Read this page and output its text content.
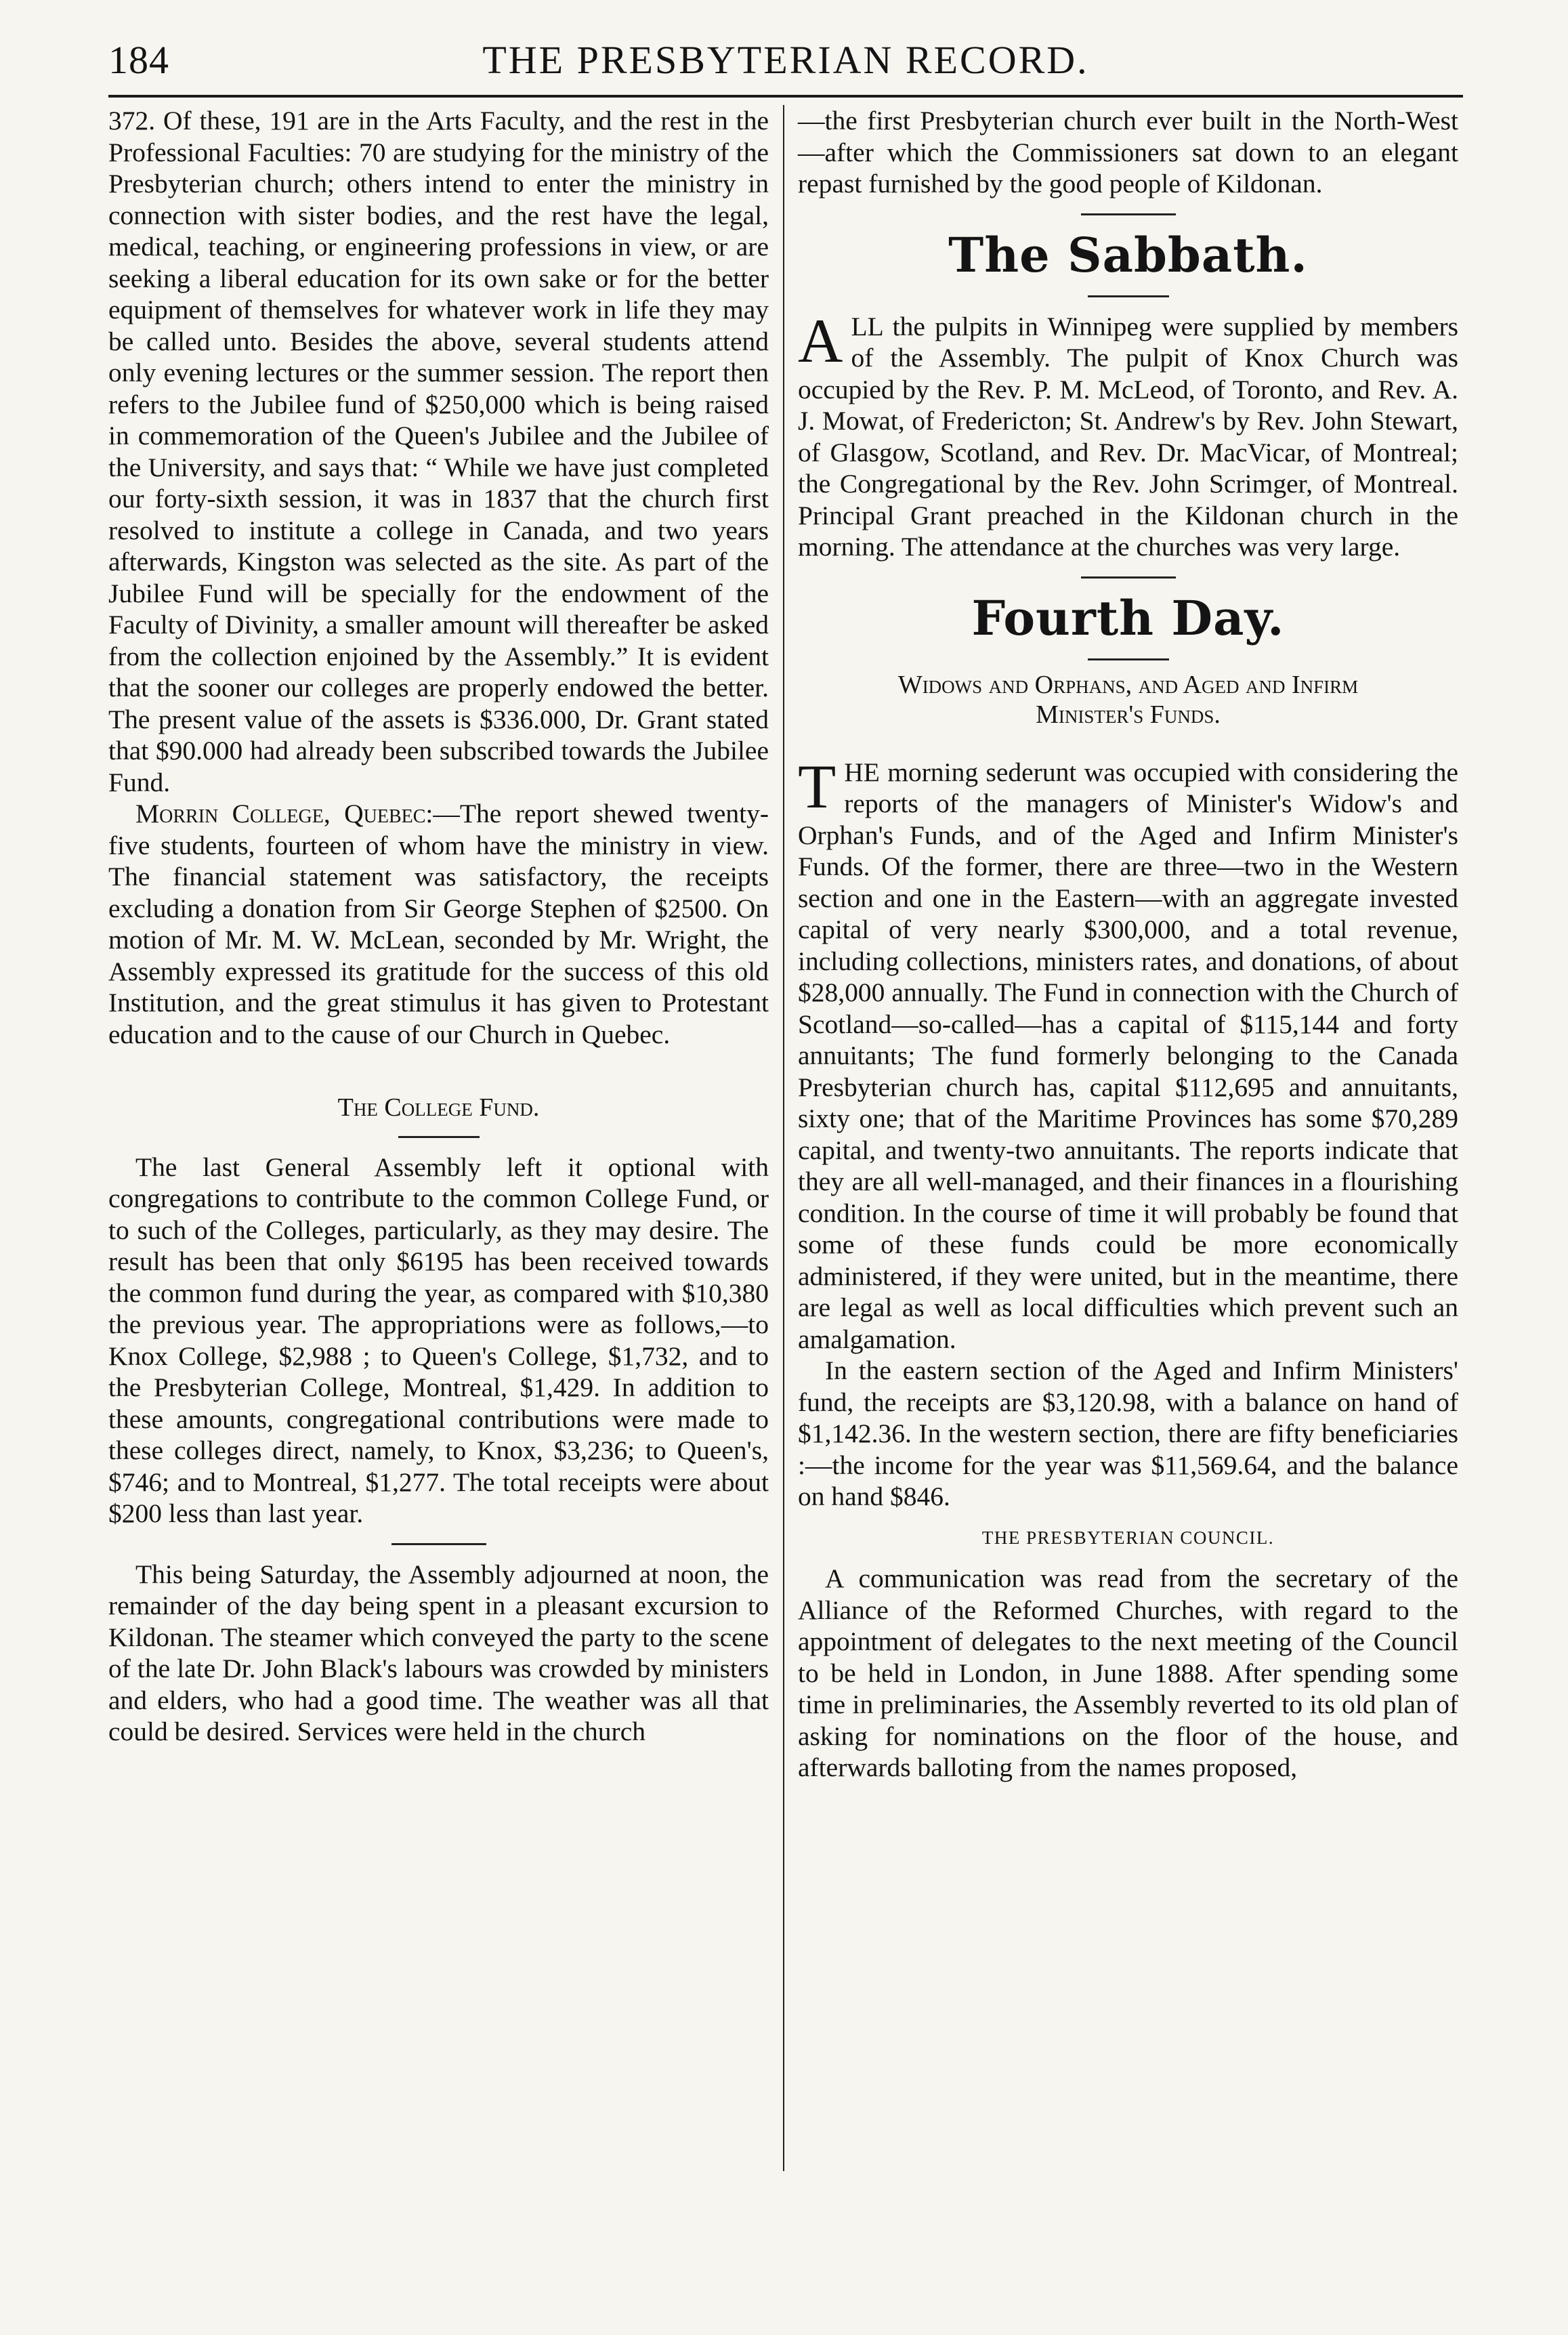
THE PRESBYTERIAN RECORD.
184

372. Of these, 191 are in the Arts Faculty, and the rest in the Professional Faculties: 70 are studying for the ministry of the Presbyterian church; others intend to enter the ministry in connection with sister bodies, and the rest have the legal, medical, teaching, or engineering professions in view, or are seeking a liberal education for its own sake or for the better equipment of themselves for whatever work in life they may be called unto. Besides the above, several students attend only evening lectures or the summer session. The report then refers to the Jubilee fund of $250,000 which is being raised in commemoration of the Queen's Jubilee and the Jubilee of the University, and says that: “ While we have just completed our forty-sixth session, it was in 1837 that the church first resolved to institute a college in Canada, and two years afterwards, Kingston was selected as the site. As part of the Jubilee Fund will be specially for the endowment of the Faculty of Divinity, a smaller amount will thereafter be asked from the collection enjoined by the Assembly.” It is evident that the sooner our colleges are properly endowed the better. The present value of the assets is $336.000, Dr. Grant stated that $90.000 had already been subscribed towards the Jubilee Fund.

Morrin College, Quebec:—The report shewed twenty-five students, fourteen of whom have the ministry in view. The financial statement was satisfactory, the receipts excluding a donation from Sir George Stephen of $2500. On motion of Mr. M. W. McLean, seconded by Mr. Wright, the Assembly expressed its gratitude for the success of this old Institution, and the great stimulus it has given to Protestant education and to the cause of our Church in Quebec.

The College Fund.

The last General Assembly left it optional with congregations to contribute to the common College Fund, or to such of the Colleges, particularly, as they may desire. The result has been that only $6195 has been received towards the common fund during the year, as compared with $10,380 the previous year. The appropriations were as follows,—to Knox College, $2,988 ; to Queen's College, $1,732, and to the Presbyterian College, Montreal, $1,429. In addition to these amounts, congregational contributions were made to these colleges direct, namely, to Knox, $3,236; to Queen's, $746; and to Montreal, $1,277. The total receipts were about $200 less than last year.

This being Saturday, the Assembly adjourned at noon, the remainder of the day being spent in a pleasant excursion to Kildonan. The steamer which conveyed the party to the scene of the late Dr. John Black's labours was crowded by ministers and elders, who had a good time. The weather was all that could be desired. Services were held in the church

—the first Presbyterian church ever built in the North-West—after which the Commissioners sat down to an elegant repast furnished by the good people of Kildonan.

The Sabbath.

ALL the pulpits in Winnipeg were supplied by members of the Assembly. The pulpit of Knox Church was occupied by the Rev. P. M. McLeod, of Toronto, and Rev. A. J. Mowat, of Fredericton; St. Andrew's by Rev. John Stewart, of Glasgow, Scotland, and Rev. Dr. MacVicar, of Montreal; the Congregational by the Rev. John Scrimger, of Montreal. Principal Grant preached in the Kildonan church in the morning. The attendance at the churches was very large.

Fourth Day.
Widows and Orphans, and Aged and Infirm
Minister's Funds.

THE morning sederunt was occupied with considering the reports of the managers of Minister's Widow's and Orphan's Funds, and of the Aged and Infirm Minister's Funds. Of the former, there are three—two in the Western section and one in the Eastern—with an aggregate invested capital of very nearly $300,000, and a total revenue, including collections, ministers rates, and donations, of about $28,000 annually. The Fund in connection with the Church of Scotland—so-called—has a capital of $115,144 and forty annuitants; The fund formerly belonging to the Canada Presbyterian church has, capital $112,695 and annuitants, sixty one; that of the Maritime Provinces has some $70,289 capital, and twenty-two annuitants. The reports indicate that they are all well-managed, and their finances in a flourishing condition. In the course of time it will probably be found that some of these funds could be more economically administered, if they were united, but in the meantime, there are legal as well as local difficulties which prevent such an amalgamation.

In the eastern section of the Aged and Infirm Ministers' fund, the receipts are $3,120.98, with a balance on hand of $1,142.36. In the western section, there are fifty beneficiaries :—the income for the year was $11,569.64, and the balance on hand $846.

THE PRESBYTERIAN COUNCIL.

A communication was read from the secretary of the Alliance of the Reformed Churches, with regard to the appointment of delegates to the next meeting of the Council to be held in London, in June 1888. After spending some time in preliminaries, the Assembly reverted to its old plan of asking for nominations on the floor of the house, and afterwards balloting from the names proposed,
